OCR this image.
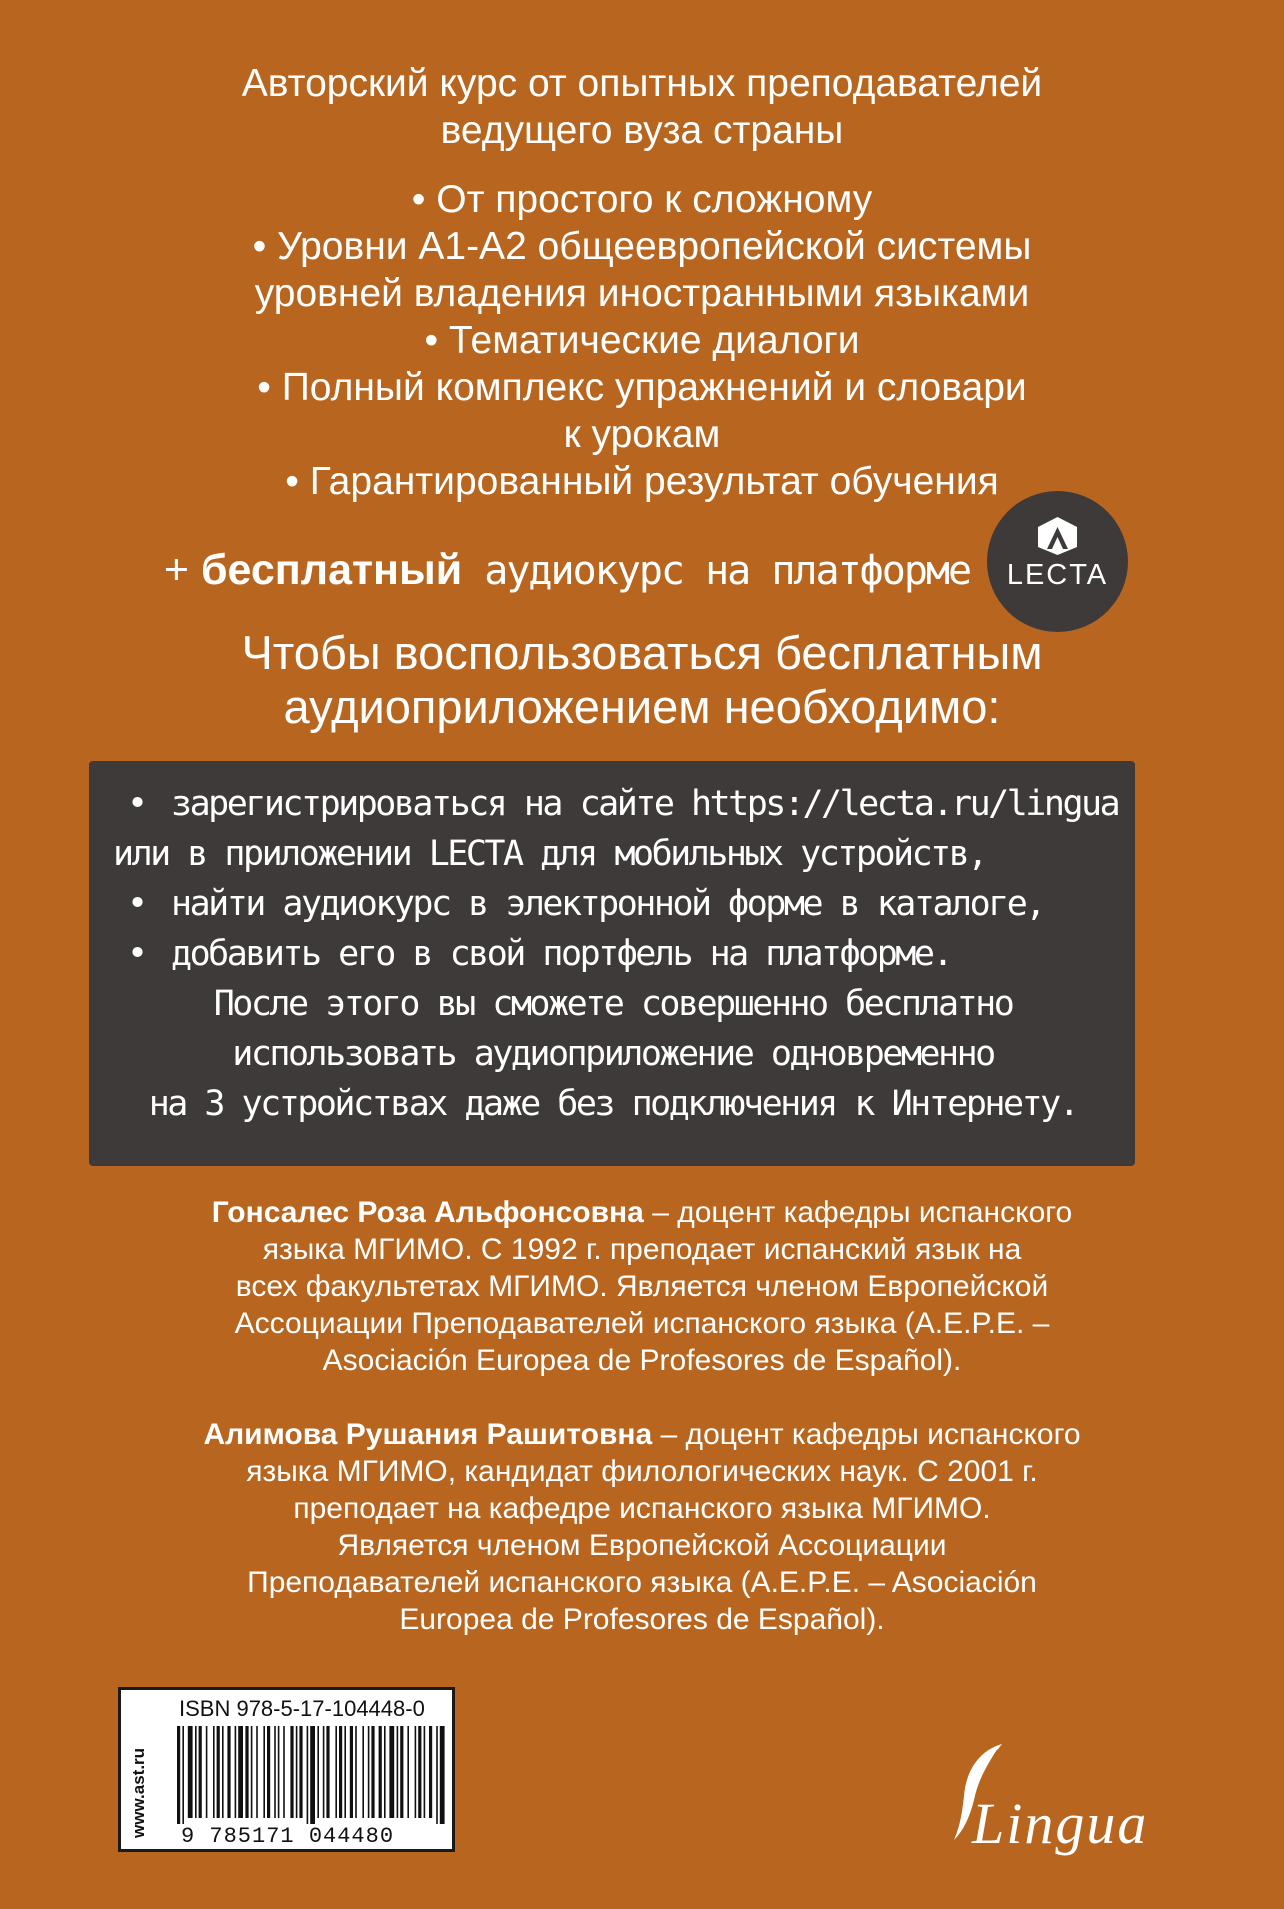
Авторский курс от опытных преподавателей
ведущего вуза страны
• От простого к сложному
• Уровни А1-А2 общеевропейской системы
уровней владения иностранными языками
• Тематические диалоги
• Полный комплекс упражнений и словари
к урокам
• Гарантированный результат обучения
+ бесплатный аудиокурс на платформе	LECTA
Чтобы воспользоваться бесплатным
аудиоприложением необходимо:
• зарегистрироваться на сайте https://lecta.ru/lingua
или в приложении LECTA для мобильных устройств,
• найти аудиокурс в электронной форме в каталоге,
• добавить его в свой портфель на платформе.
После этого вы сможете совершенно бесплатно
использовать аудиоприложение одновременно
на 3 устройствах даже без подключения к Интернету.
Гонсалес Роза Альфонсовна – доцент кафедры испанского
языка МГИМО. С 1992 г. преподает испанский язык на
всех факультетах МГИМО. Является членом Европейской
Ассоциации Преподавателей испанского языка (A.E.P.E. –
Asociación Europea de Profesores de Español).
Алимова Рушания Рашитовна – доцент кафедры испанского
языка МГИМО, кандидат филологических наук. С 2001 г.
преподает на кафедре испанского языка МГИМО.
Является членом Европейской Ассоциации
Преподавателей испанского языка (A.E.P.E. – Asociación
Europea de Profesores de Español).
www.ast.ru
ISBN 978-5-17-104448-0
9 785171 044480	Lingua
